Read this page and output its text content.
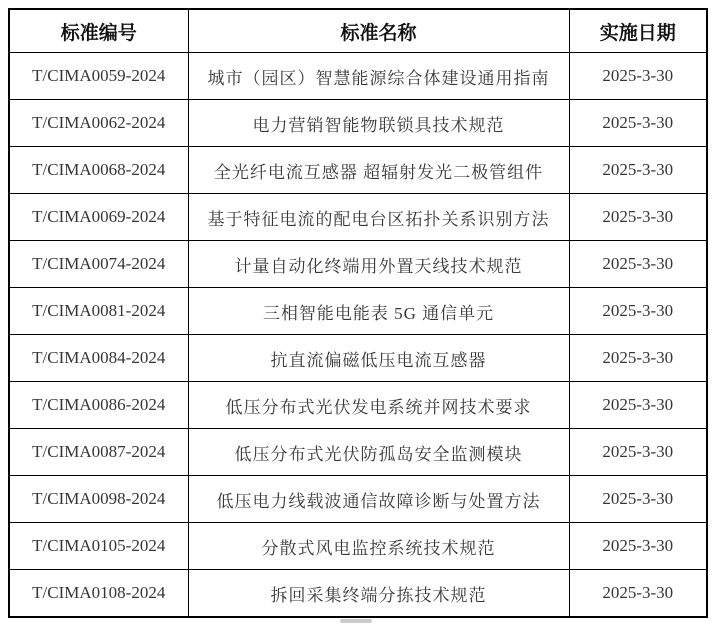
标准编号	标准名称	实施日期
T/CIMA0059-2024	城市（园区）智慧能源综合体建设通用指南	2025-3-30
T/CIMA0062-2024	电力营销智能物联锁具技术规范	2025-3-30
T/CIMA0068-2024	全光纤电流互感器 超辐射发光二极管组件	2025-3-30
T/CIMA0069-2024	基于特征电流的配电台区拓扑关系识别方法	2025-3-30
T/CIMA0074-2024	计量自动化终端用外置天线技术规范	2025-3-30
T/CIMA0081-2024	三相智能电能表 5G 通信单元	2025-3-30
T/CIMA0084-2024	抗直流偏磁低压电流互感器	2025-3-30
T/CIMA0086-2024	低压分布式光伏发电系统并网技术要求	2025-3-30
T/CIMA0087-2024	低压分布式光伏防孤岛安全监测模块	2025-3-30
T/CIMA0098-2024	低压电力线载波通信故障诊断与处置方法	2025-3-30
T/CIMA0105-2024	分散式风电监控系统技术规范	2025-3-30
T/CIMA0108-2024	拆回采集终端分拣技术规范	2025-3-30
